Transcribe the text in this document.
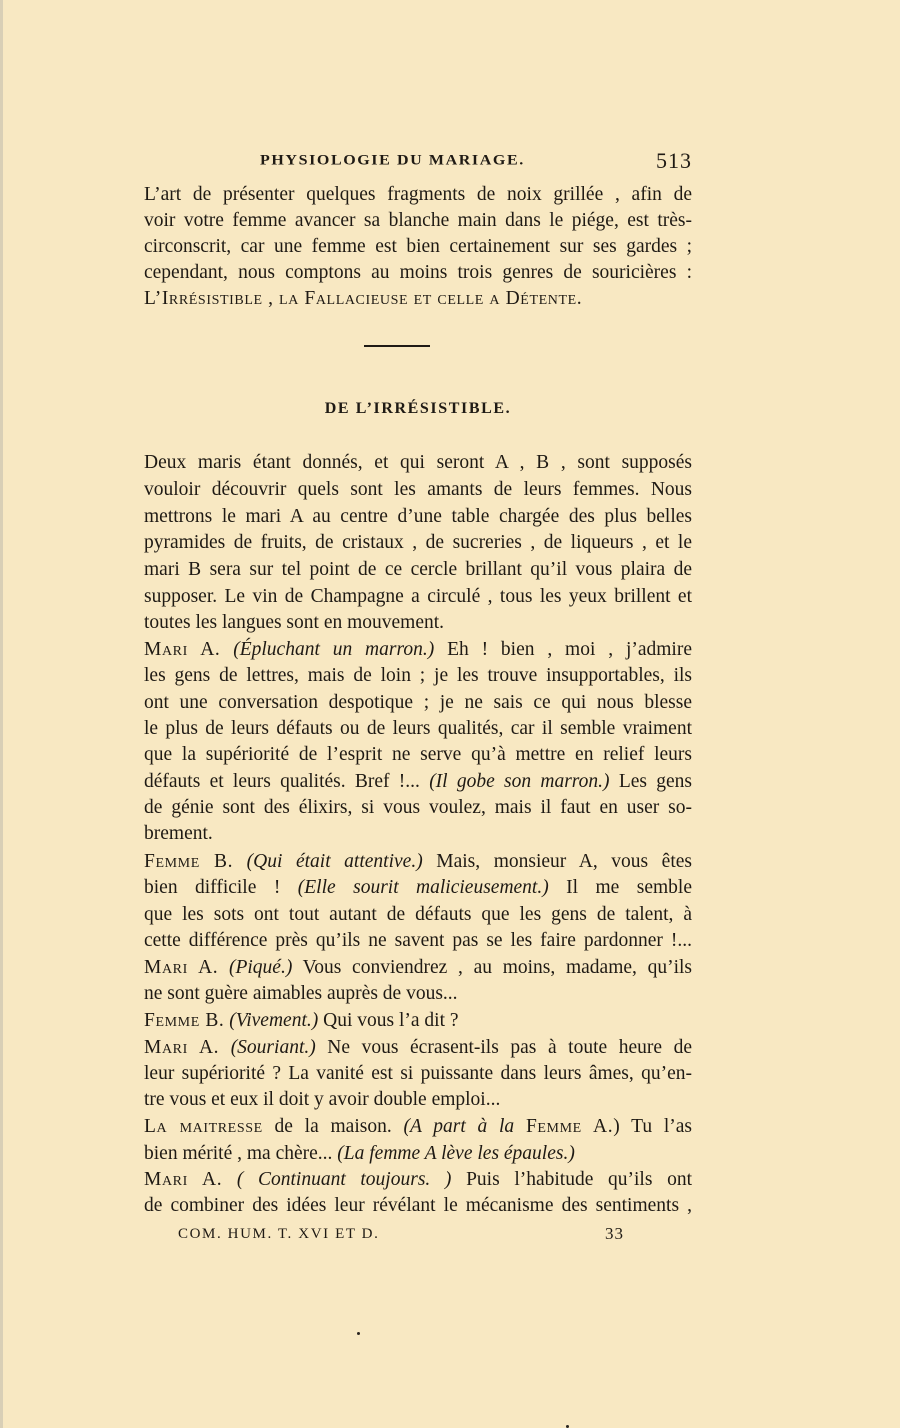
PHYSIOLOGIE DU MARIAGE.	513
L’art de présenter quelques fragments de noix grillée , afin de
voir votre femme avancer sa blanche main dans le piége, est très-
circonscrit, car une femme est bien certainement sur ses gardes ;
cependant, nous comptons au moins trois genres de souricières :
L’Irrésistible , la Fallacieuse et celle a Détente.
DE L’IRRÉSISTIBLE.
Deux maris étant donnés, et qui seront A , B , sont supposés
vouloir découvrir quels sont les amants de leurs femmes. Nous
mettrons le mari A au centre d’une table chargée des plus belles
pyramides de fruits, de cristaux , de sucreries , de liqueurs , et le
mari B sera sur tel point de ce cercle brillant qu’il vous plaira de
supposer. Le vin de Champagne a circulé , tous les yeux brillent et
toutes les langues sont en mouvement.
Mari A. (Épluchant un marron.) Eh ! bien , moi , j’admire
les gens de lettres, mais de loin ; je les trouve insupportables, ils
ont une conversation despotique ; je ne sais ce qui nous blesse
le plus de leurs défauts ou de leurs qualités, car il semble vraiment
que la supériorité de l’esprit ne serve qu’à mettre en relief leurs
défauts et leurs qualités. Bref !... (Il gobe son marron.) Les gens
de génie sont des élixirs, si vous voulez, mais il faut en user so-
brement.
Femme B. (Qui était attentive.) Mais, monsieur A, vous êtes
bien difficile ! (Elle sourit malicieusement.) Il me semble
que les sots ont tout autant de défauts que les gens de talent, à
cette différence près qu’ils ne savent pas se les faire pardonner !...
Mari A. (Piqué.) Vous conviendrez , au moins, madame, qu’ils
ne sont guère aimables auprès de vous...
Femme B. (Vivement.) Qui vous l’a dit ?
Mari A. (Souriant.) Ne vous écrasent-ils pas à toute heure de
leur supériorité ? La vanité est si puissante dans leurs âmes, qu’en-
tre vous et eux il doit y avoir double emploi...
La maitresse de la maison. (A part à la Femme A.) Tu l’as
bien mérité , ma chère... (La femme A lève les épaules.)
Mari A. ( Continuant toujours. ) Puis l’habitude qu’ils ont
de combiner des idées leur révélant le mécanisme des sentiments ,
COM. HUM. T. XVI ET D.	33
